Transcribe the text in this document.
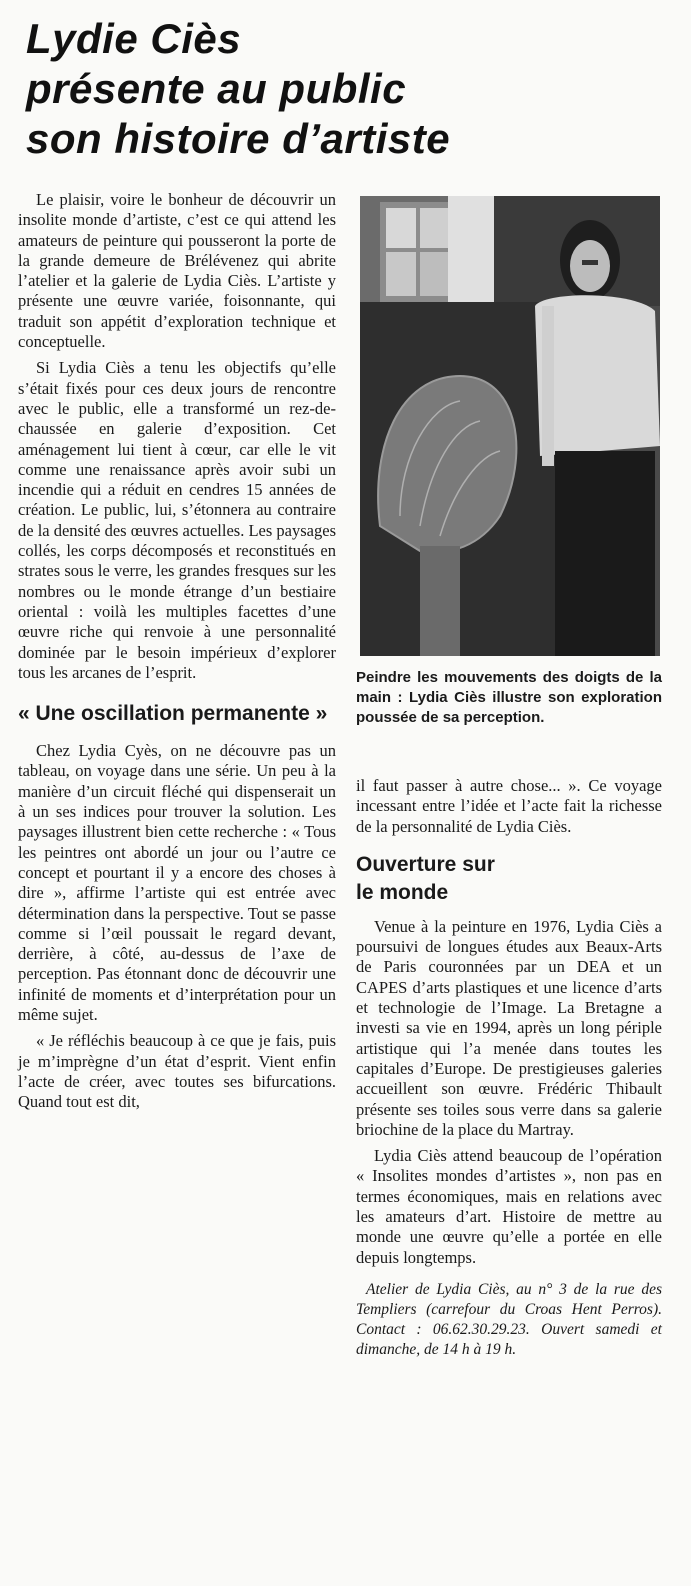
Lydie Ciès
présente au public
son histoire d’artiste

Le plaisir, voire le bonheur de découvrir un insolite monde d’artiste, c’est ce qui attend les amateurs de peinture qui pousseront la porte de la grande demeure de Brélévenez qui abrite l’atelier et la galerie de Lydia Ciès. L’artiste y présente une œuvre variée, foisonnante, qui traduit son appétit d’exploration technique et conceptuelle.

Si Lydia Ciès a tenu les objectifs qu’elle s’était fixés pour ces deux jours de rencontre avec le public, elle a transformé un rez-de-chaussée en galerie d’exposition. Cet aménagement lui tient à cœur, car elle le vit comme une renaissance après avoir subi un incendie qui a réduit en cendres 15 années de création. Le public, lui, s’étonnera au contraire de la densité des œuvres actuelles. Les paysages collés, les corps décomposés et reconstitués en strates sous le verre, les grandes fresques sur les nombres ou le monde étrange d’un bestiaire oriental : voilà les multiples facettes d’une œuvre riche qui renvoie à une personnalité dominée par le besoin impérieux d’explorer tous les arcanes de l’esprit.

« Une oscillation permanente »

Chez Lydia Cyès, on ne découvre pas un tableau, on voyage dans une série. Un peu à la manière d’un circuit fléché qui dispenserait un à un ses indices pour trouver la solution. Les paysages illustrent bien cette recherche : « Tous les peintres ont abordé un jour ou l’autre ce concept et pourtant il y a encore des choses à dire », affirme l’artiste qui est entrée avec détermination dans la perspective. Tout se passe comme si l’œil poussait le regard devant, derrière, à côté, au-dessus de l’axe de perception. Pas étonnant donc de découvrir une infinité de moments et d’interprétation pour un même sujet.

« Je réfléchis beaucoup à ce que je fais, puis je m’imprègne d’un état d’esprit. Vient enfin l’acte de créer, avec toutes ses bifurcations. Quand tout est dit,

Peindre les mouvements des doigts de la main : Lydia Ciès illustre son exploration poussée de sa perception.

il faut passer à autre chose... ». Ce voyage incessant entre l’idée et l’acte fait la richesse de la personnalité de Lydia Ciès.

Ouverture sur le monde

Venue à la peinture en 1976, Lydia Ciès a poursuivi de longues études aux Beaux-Arts de Paris couronnées par un DEA et un CAPES d’arts plastiques et une licence d’arts et technologie de l’Image. La Bretagne a investi sa vie en 1994, après un long périple artistique qui l’a menée dans toutes les capitales d’Europe. De prestigieuses galeries accueillent son œuvre. Frédéric Thibault présente ses toiles sous verre dans sa galerie briochine de la place du Martray.

Lydia Ciès attend beaucoup de l’opération « Insolites mondes d’artistes », non pas en termes économiques, mais en relations avec les amateurs d’art. Histoire de mettre au monde une œuvre qu’elle a portée en elle depuis longtemps.

Atelier de Lydia Ciès, au n° 3 de la rue des Templiers (carrefour du Croas Hent Perros). Contact : 06.62.30.29.23. Ouvert samedi et dimanche, de 14 h à 19 h.
